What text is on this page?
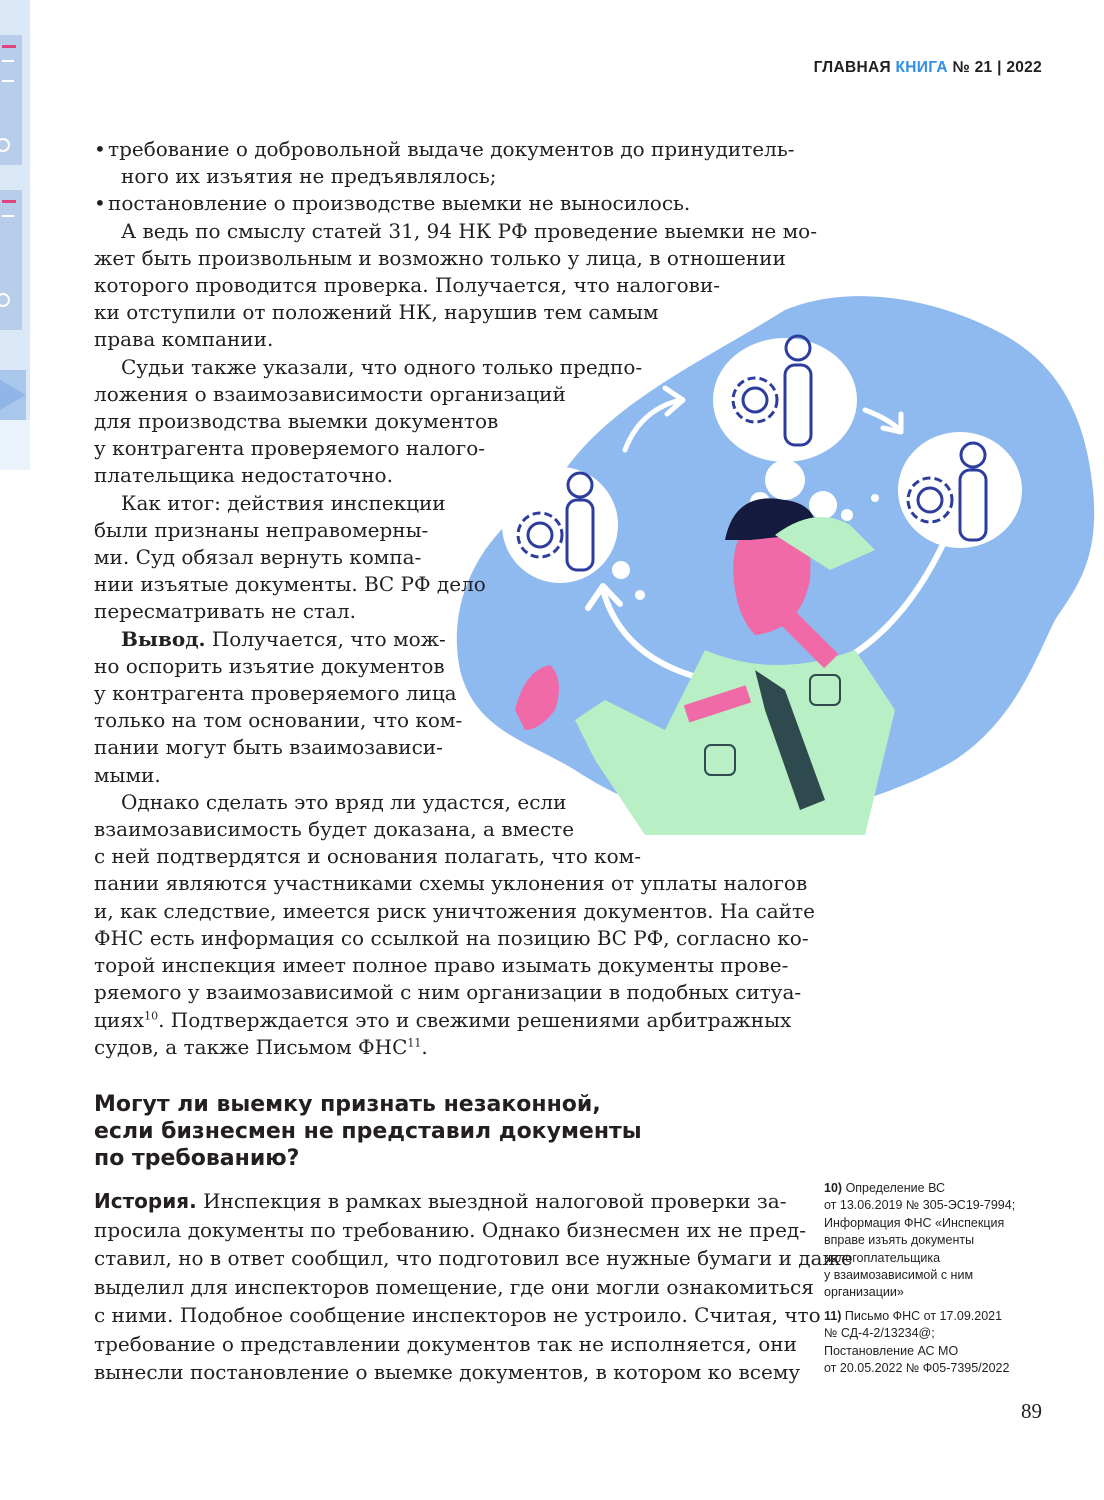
ГЛАВНАЯ КНИГА № 21 | 2022
• требование о добровольной выдаче документов до принудитель-
ного их изъятия не предъявлялось;
• постановление о производстве выемки не выносилось.
А ведь по смыслу статей 31, 94 НК РФ проведение выемки не мо-
жет быть произвольным и возможно только у лица, в отношении
которого проводится проверка. Получается, что налогови-
ки отступили от положений НК, нарушив тем самым
права компании.
Судьи также указали, что одного только предпо-
ложения о взаимозависимости организаций
для производства выемки документов
у контрагента проверяемого налого-
плательщика недостаточно.
Как итог: действия инспекции
были признаны неправомерны-
ми. Суд обязал вернуть компа-
нии изъятые документы. ВС РФ дело
пересматривать не стал.
Вывод. Получается, что мож-
но оспорить изъятие документов
у контрагента проверяемого лица
только на том основании, что ком-
пании могут быть взаимозависи-
мыми.
Однако сделать это вряд ли удастся, если
взаимозависимость будет доказана, а вместе
с ней подтвердятся и основания полагать, что ком-
пании являются участниками схемы уклонения от уплаты налогов
и, как следствие, имеется риск уничтожения документов. На сайте
ФНС есть информация со ссылкой на позицию ВС РФ, согласно ко-
торой инспекция имеет полное право изымать документы прове-
ряемого у взаимозависимой с ним организации в подобных ситуа-
циях$^{10}$. Подтверждается это и свежими решениями арбитражных
судов, а также Письмом ФНС$^{11}$.
Могут ли выемку признать незаконной,
если бизнесмен не представил документы
по требованию?
История. Инспекция в рамках выездной налоговой проверки за-
просила документы по требованию. Однако бизнесмен их не пред-
ставил, но в ответ сообщил, что подготовил все нужные бумаги и даже
выделил для инспекторов помещение, где они могли ознакомиться
с ними. Подобное сообщение инспекторов не устроило. Считая, что
требование о представлении документов так не исполняется, они
вынесли постановление о выемке документов, в котором ко всему
10) Определение ВС
от 13.06.2019 № 305-ЭС19-7994;
Информация ФНС «Инспекция
вправе изъять документы
налогоплательщика
у взаимозависимой с ним
организации»
11) Письмо ФНС от 17.09.2021
№ СД-4-2/13234@;
Постановление АС МО
от 20.05.2022 № Ф05-7395/2022
89
